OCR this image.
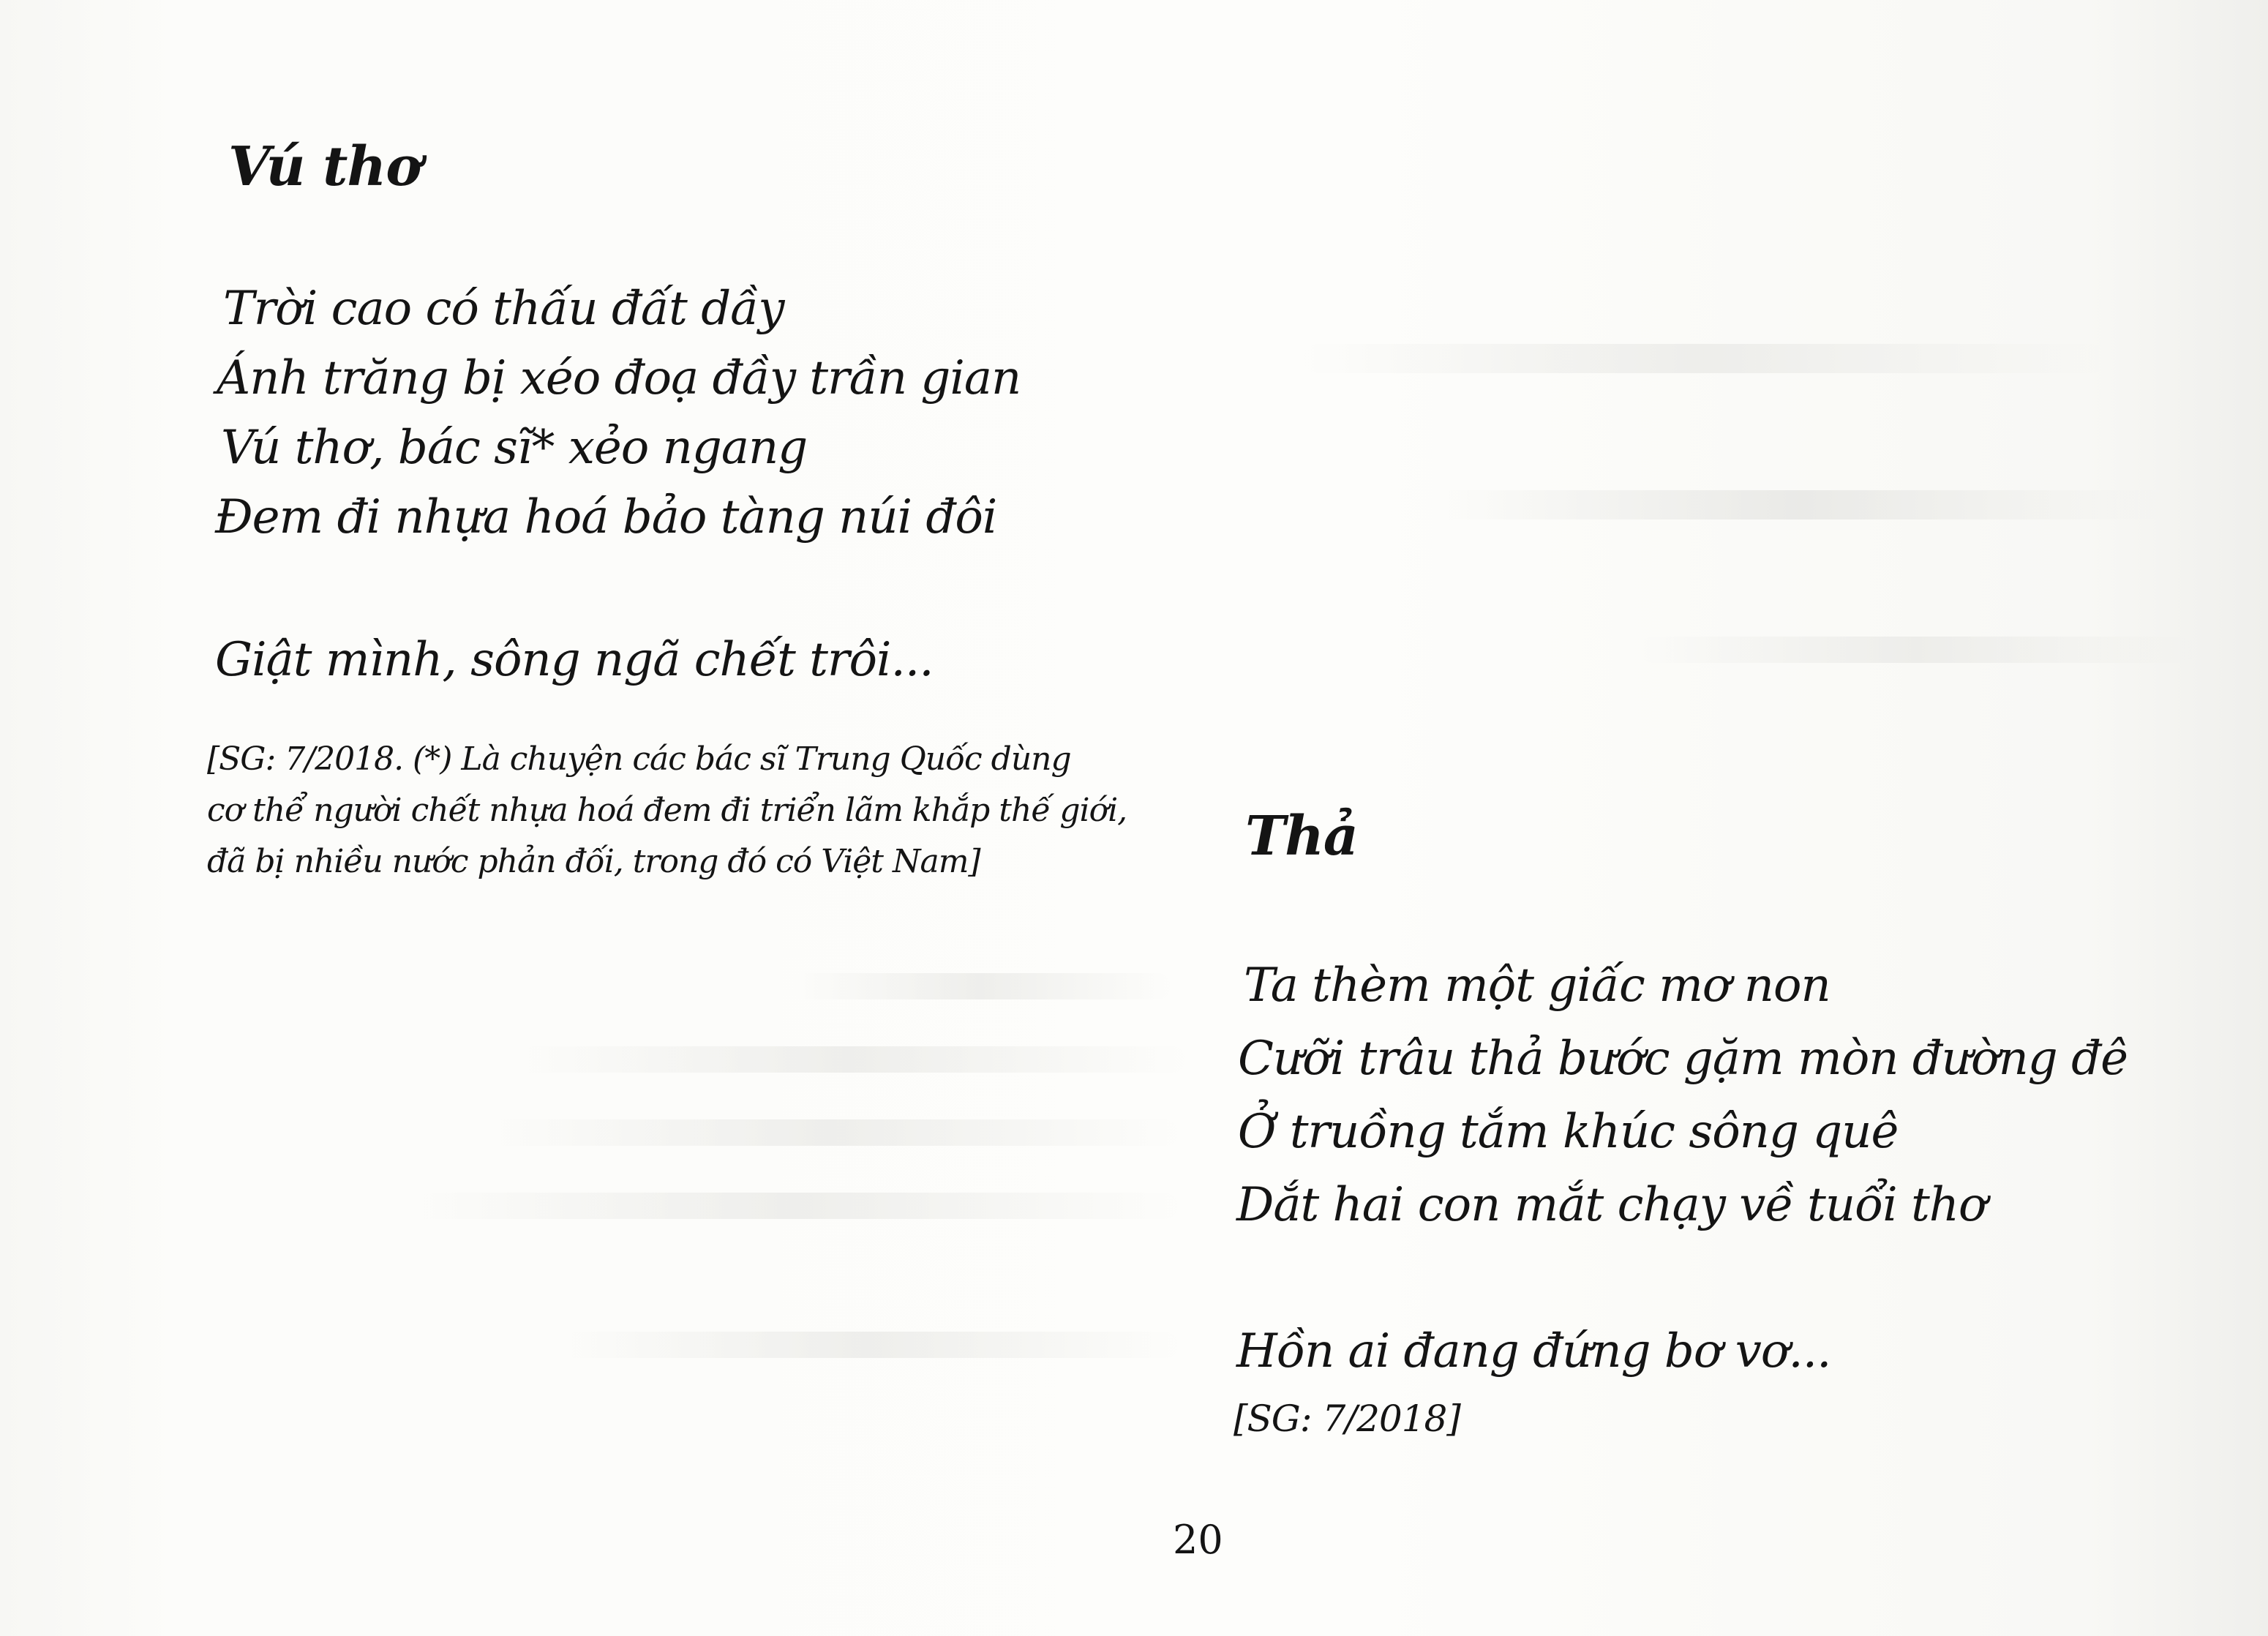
Vú thơ

Trời cao có thấu đất dầy

Ánh trăng bị xéo đoạ đầy trần gian

Vú thơ, bác sĩ* xẻo ngang

Đem đi nhựa hoá bảo tàng núi đôi

Giật mình, sông ngã chết trôi...

[SG: 7/2018. (*) Là chuyện các bác sĩ Trung Quốc dùng
cơ thể người chết nhựa hoá đem đi triển lãm khắp thế giới,
đã bị nhiều nước phản đối, trong đó có Việt Nam]	Thả

Ta thèm một giấc mơ non

Cưỡi trâu thả bước gặm mòn đường đê

Ở truồng tắm khúc sông quê

Dắt hai con mắt chạy về tuổi thơ

Hồn ai đang đứng bơ vơ...

[SG: 7/2018]

20
